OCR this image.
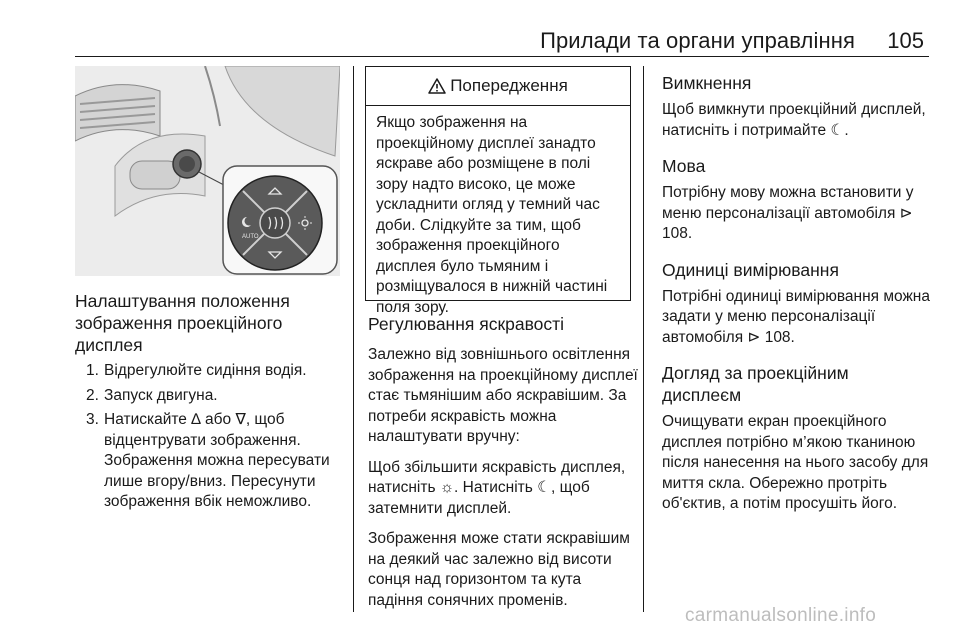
Прилади та органи управління 105
AUTO
Налаштування положення зображення проекційного дисплея
1. Відрегулюйте сидіння водія.
2. Запуск двигуна.
3. Натискайте ∆ або ∇, щоб відцентрувати зображення. Зображення можна пересувати лише вгору/вниз. Пересунути зображення вбік неможливо.
Попередження
Якщо зображення на проекційному дисплеї занадто яскраве або розміщене в полі зору надто високо, це може ускладнити огляд у темний час доби. Слідкуйте за тим, щоб зображення проекційного дисплея було тьмяним і розміщувалося в нижній частині поля зору.
Регулювання яскравості

Залежно від зовнішнього освітлення зображення на проекційному дисплеї стає тьмянішим або яскравішим. За потреби яскравість можна налаштувати вручну:

Щоб збільшити яскравість дисплея, натисніть ☼. Натисніть ☾, щоб затемнити дисплей.

Зображення може стати яскравішим на деякий час залежно від висоти сонця над горизонтом та кута падіння сонячних променів.

Вимкнення

Щоб вимкнути проекційний дисплей, натисніть і потримайте ☾.

Мова

Потрібну мову можна встановити у меню персоналізації автомобіля ⊳ 108.

Одиниці вимірювання

Потрібні одиниці вимірювання можна задати у меню персоналізації автомобіля ⊳ 108.

Догляд за проекційним дисплеєм

Очищувати екран проекційного дисплея потрібно м’якою тканиною після нанесення на нього засобу для миття скла. Обережно протріть об'єктив, а потім просушіть його.

carmanualsonline.info
